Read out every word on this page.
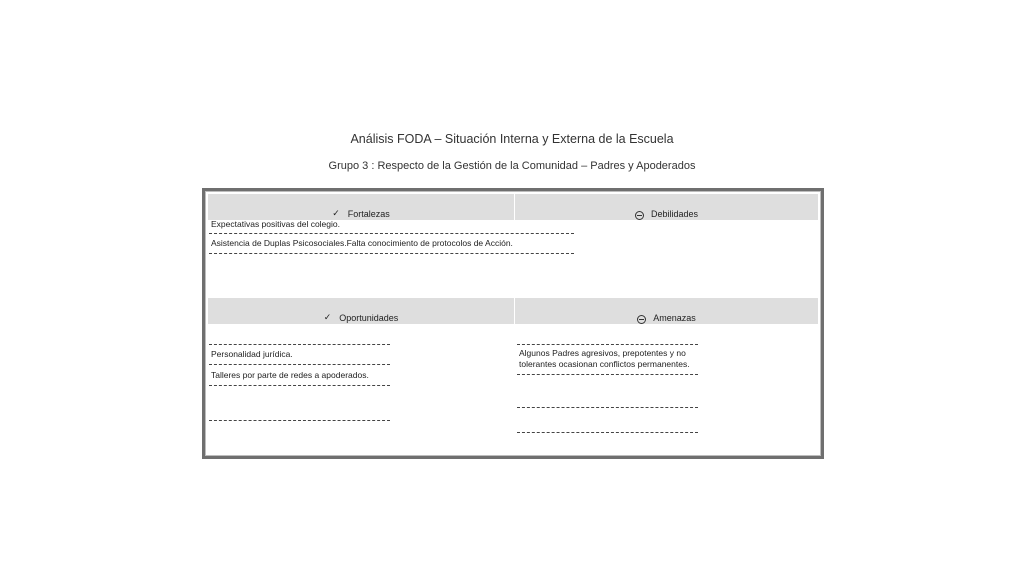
Análisis FODA – Situación Interna y Externa de la Escuela
Grupo 3 : Respecto de la Gestión de la Comunidad – Padres y Apoderados
✓ Fortalezas	Debilidades
Expectativas positivas del colegio.
Asistencia de Duplas Psicosociales.Falta conocimiento de protocolos de Acción.
✓ Oportunidades	Amenazas
Personalidad jurídica.
Talleres por parte de redes a apoderados.
Algunos Padres agresivos, prepotentes y no tolerantes ocasionan conflictos permanentes.
